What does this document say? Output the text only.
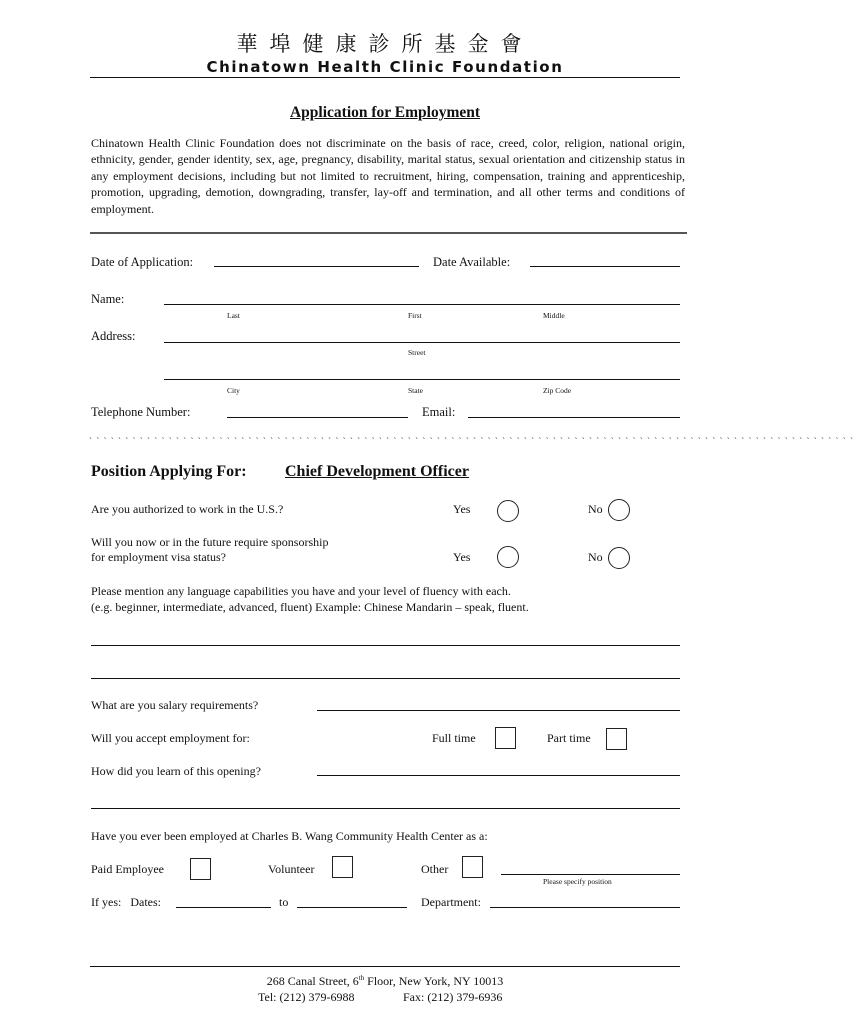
華埠健康診所基金會
Chinatown Health Clinic Foundation
Application for Employment
Chinatown Health Clinic Foundation does not discriminate on the basis of race, creed, color, religion, national origin, ethnicity, gender, gender identity, sex, age, pregnancy, disability, marital status, sexual orientation and citizenship status in any employment decisions, including but not limited to recruitment, hiring, compensation, training and apprenticeship, promotion, upgrading, demotion, downgrading, transfer, lay-off and termination, and all other terms and conditions of employment.
Date of Application:	Date Available:
Name:
Last	First	Middle
Address:
Street
City	State	Zip Code
Telephone Number:	Email:
` ` ` ` ` ` ` ` ` ` ` ` ` ` ` ` ` ` ` ` ` ` ` ` ` ` ` ` ` ` ` ` ` ` ` ` ` ` ` ` ` ` ` ` ` ` ` ` ` ` ` ` ` ` ` ` ` ` ` ` ` ` ` ` ` ` ` ` ` ` ` ` ` ` ` ` ` ` ` ` ` ` ` ` ` ` ` ` ` ` ` ` ` ` ` ` ` ` ` ` ` ` ` ` ` `
Position Applying For: Chief Development Officer
Are you authorized to work in the U.S.?	Yes	No
Will you now or in the future require sponsorship
for employment visa status?	Yes	No
Please mention any language capabilities you have and your level of fluency with each.
(e.g. beginner, intermediate, advanced, fluent) Example: Chinese Mandarin – speak, fluent.
What are you salary requirements?
Will you accept employment for:	Full time	Part time
How did you learn of this opening?
Have you ever been employed at Charles B. Wang Community Health Center as a:
Paid Employee	Volunteer	Other
Please specify position
If yes:   Dates:	to	Department:
268 Canal Street, 6th Floor, New York, NY 10013
Tel: (212) 379-6988	Fax: (212) 379-6936
